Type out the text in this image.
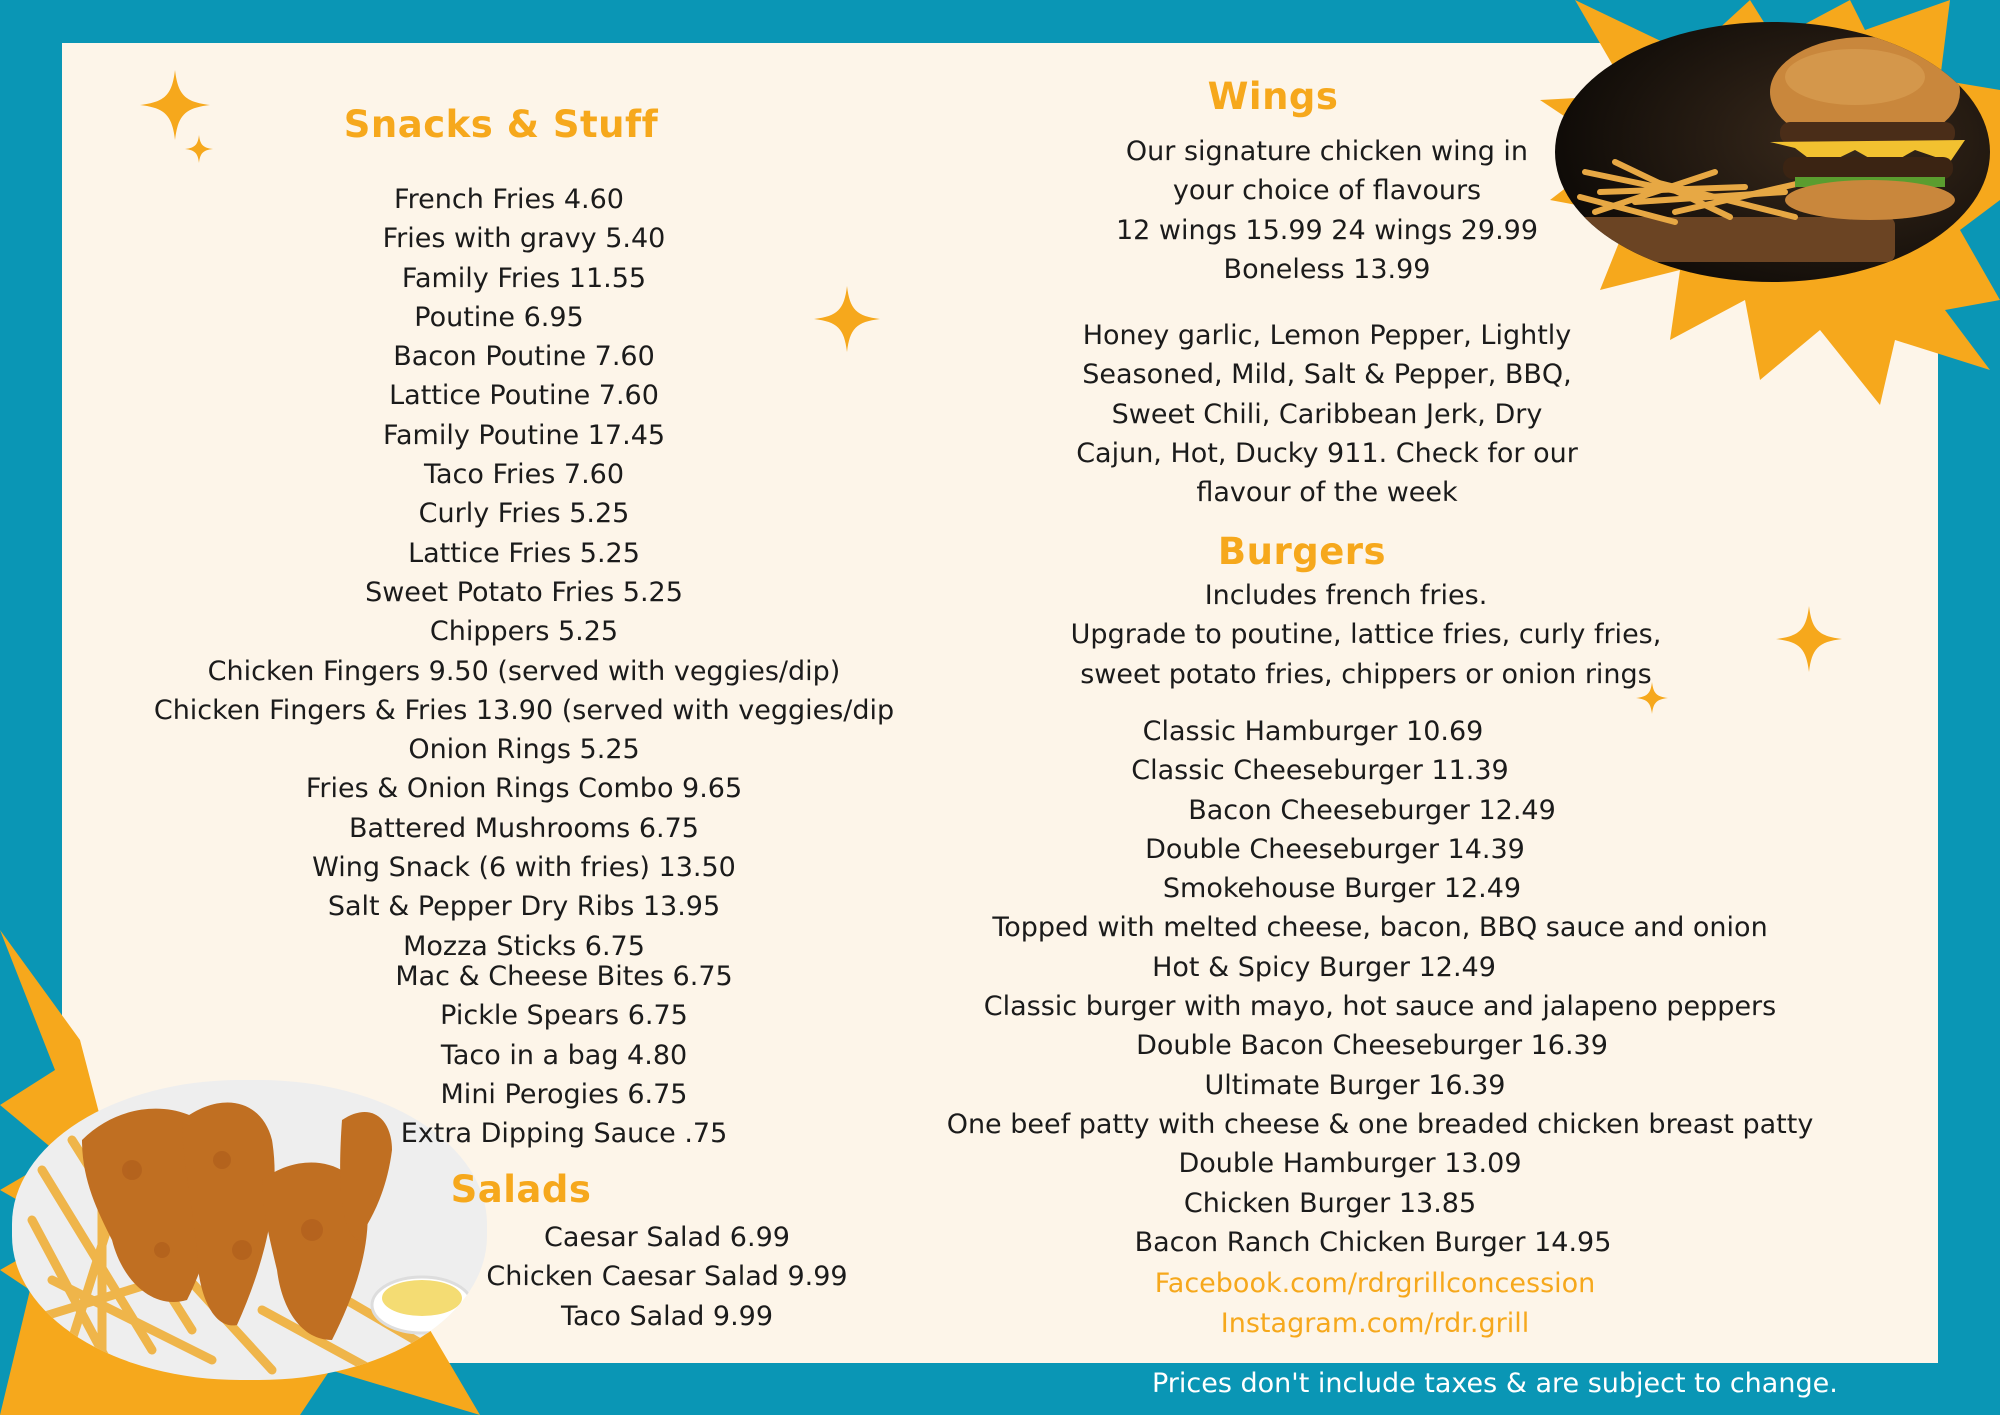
Snacks & Stuff
French Fries 4.60
Fries with gravy 5.40
Family Fries 11.55
Poutine 6.95
Bacon Poutine 7.60
Lattice Poutine 7.60
Family Poutine 17.45
Taco Fries 7.60
Curly Fries 5.25
Lattice Fries 5.25
Sweet Potato Fries 5.25
Chippers 5.25
Chicken Fingers 9.50 (served with veggies/dip)
Chicken Fingers & Fries 13.90 (served with veggies/dip
Onion Rings 5.25
Fries & Onion Rings Combo 9.65
Battered Mushrooms 6.75
Wing Snack (6 with fries) 13.50
Salt & Pepper Dry Ribs 13.95
Mozza Sticks 6.75
Mac & Cheese Bites 6.75
Pickle Spears 6.75
Taco in a bag 4.80
Mini Perogies 6.75
Extra Dipping Sauce .75
Salads
Caesar Salad 6.99
Chicken Caesar Salad 9.99
Taco Salad 9.99
Wings
Our signature chicken wing in
your choice of flavours
12 wings 15.99 24 wings 29.99
Boneless 13.99
Honey garlic, Lemon Pepper, Lightly
Seasoned, Mild, Salt & Pepper, BBQ,
Sweet Chili, Caribbean Jerk, Dry
Cajun, Hot, Ducky 911. Check for our
flavour of the week
Burgers
Includes french fries.
Upgrade to poutine, lattice fries, curly fries,
sweet potato fries, chippers or onion rings
Classic Hamburger 10.69
Classic Cheeseburger 11.39
Bacon Cheeseburger 12.49
Double Cheeseburger 14.39
Smokehouse Burger 12.49
Topped with melted cheese, bacon, BBQ sauce and onion
Hot & Spicy Burger 12.49
Classic burger with mayo, hot sauce and jalapeno peppers
Double Bacon Cheeseburger 16.39
Ultimate Burger 16.39
One beef patty with cheese & one breaded chicken breast patty
Double Hamburger 13.09
Chicken Burger 13.85
Bacon Ranch Chicken Burger 14.95
Facebook.com/rdrgrillconcession
Instagram.com/rdr.grill
Prices don't include taxes & are subject to change.
